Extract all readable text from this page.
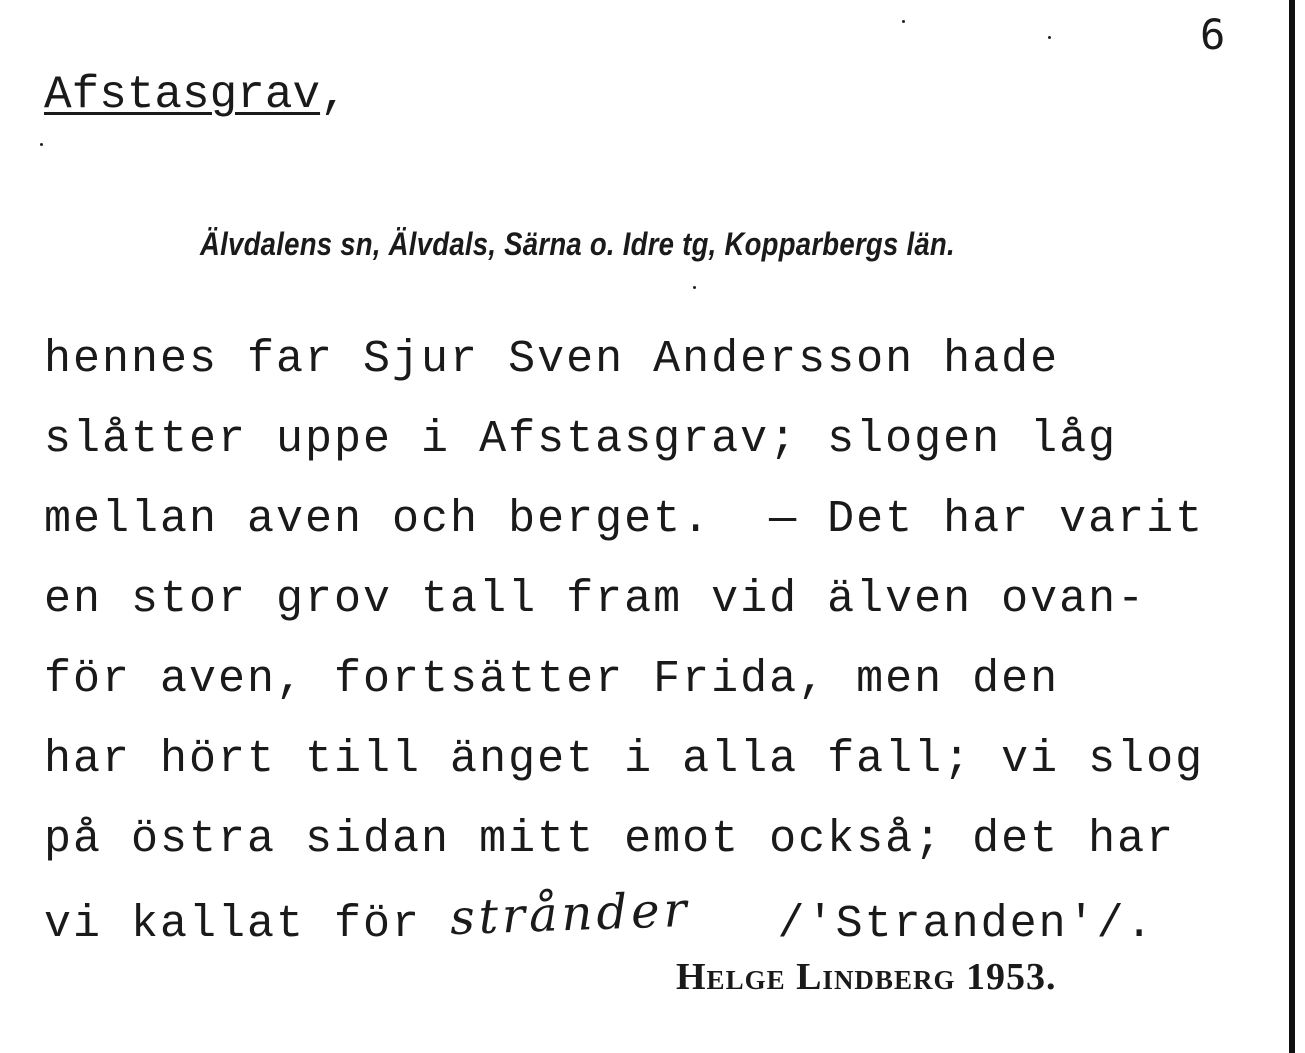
6
Afstasgrav,
Älvdalens sn, Älvdals, Särna o. Idre tg, Kopparbergs län.
hennes far Sjur Sven Andersson hade
slåtter uppe i Afstasgrav; slogen låg
mellan aven och berget.  — Det har varit
en stor grov tall fram vid älven ovan-
för aven, fortsätter Frida, men den
har hört till änget i alla fall; vi slog
på östra sidan mitt emot också; det har
vi kallat för strånder   /'Stranden'/.
Helge Lindberg 1953.
